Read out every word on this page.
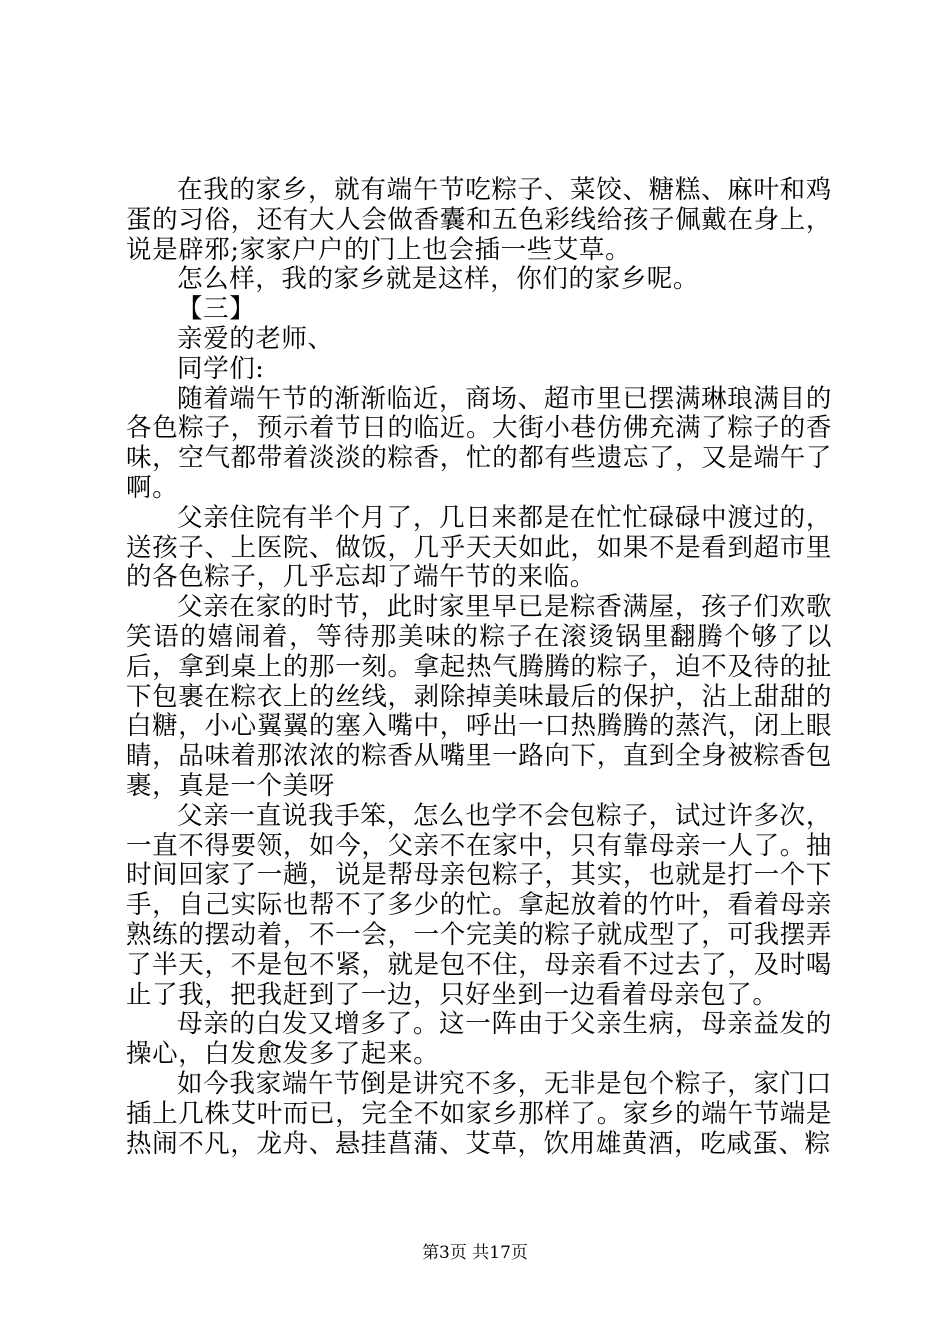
在我的家乡，就有端午节吃粽子、菜饺、糖糕、麻叶和鸡蛋的习俗，还有大人会做香囊和五色彩线给孩子佩戴在身上，说是辟邪;家家户户的门上也会插一些艾草。

怎么样，我的家乡就是这样，你们的家乡呢。

【三】

亲爱的老师、

同学们:

随着端午节的渐渐临近，商场、超市里已摆满琳琅满目的各色粽子，预示着节日的临近。大街小巷仿佛充满了粽子的香味，空气都带着淡淡的粽香，忙的都有些遗忘了，又是端午了啊。

父亲住院有半个月了，几日来都是在忙忙碌碌中渡过的，送孩子、上医院、做饭，几乎天天如此，如果不是看到超市里的各色粽子，几乎忘却了端午节的来临。

父亲在家的时节，此时家里早已是粽香满屋，孩子们欢歌笑语的嬉闹着，等待那美味的粽子在滚烫锅里翻腾个够了以后，拿到桌上的那一刻。拿起热气腾腾的粽子，迫不及待的扯下包裹在粽衣上的丝线，剥除掉美味最后的保护，沾上甜甜的白糖，小心翼翼的塞入嘴中，呼出一口热腾腾的蒸汽，闭上眼睛，品味着那浓浓的粽香从嘴里一路向下，直到全身被粽香包裹，真是一个美呀

父亲一直说我手笨，怎么也学不会包粽子，试过许多次，一直不得要领，如今，父亲不在家中，只有靠母亲一人了。抽时间回家了一趟，说是帮母亲包粽子，其实，也就是打一个下手，自己实际也帮不了多少的忙。拿起放着的竹叶，看着母亲熟练的摆动着，不一会，一个完美的粽子就成型了，可我摆弄了半天，不是包不紧，就是包不住，母亲看不过去了，及时喝止了我，把我赶到了一边，只好坐到一边看着母亲包了。

母亲的白发又增多了。这一阵由于父亲生病，母亲益发的操心，白发愈发多了起来。

如今我家端午节倒是讲究不多，无非是包个粽子，家门口插上几株艾叶而已，完全不如家乡那样了。家乡的端午节端是热闹不凡，龙舟、悬挂菖蒲、艾草，饮用雄黄酒，吃咸蛋、粽

第3页 共17页
